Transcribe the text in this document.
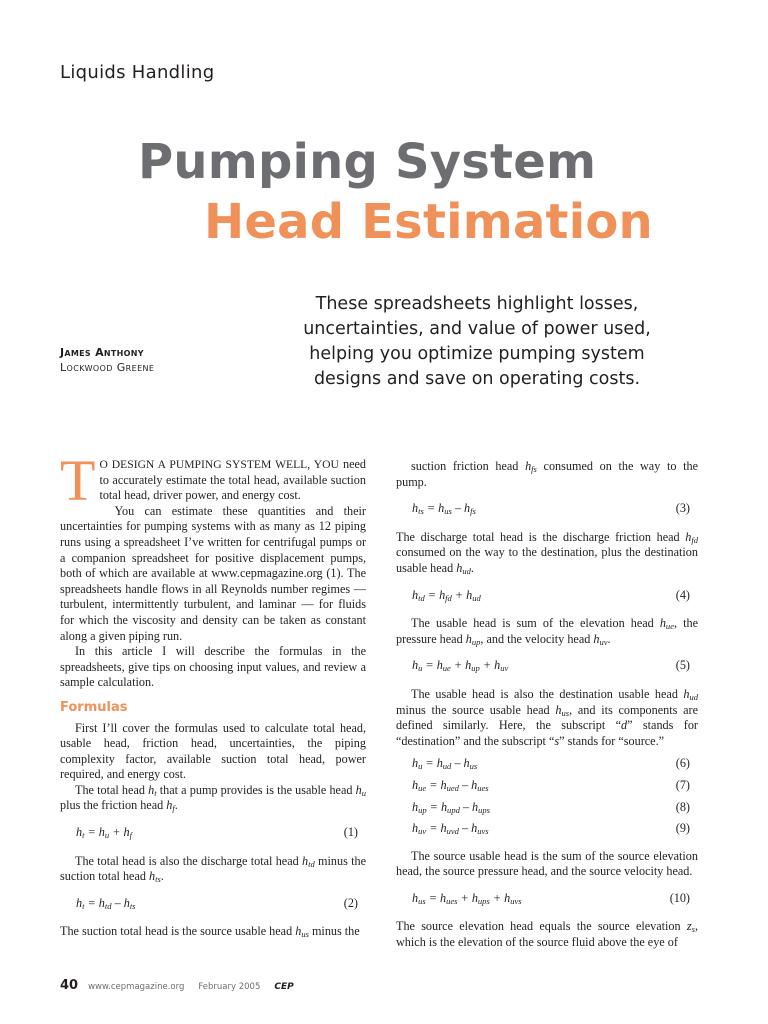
Liquids Handling
Pumping System
Head Estimation
These spreadsheets highlight losses, uncertainties, and value of power used, helping you optimize pumping system designs and save on operating costs.
James Anthony
Lockwood Greene

TO DESIGN A PUMPING SYSTEM WELL, YOU need to accurately estimate the total head, available suction total head, driver power, and energy cost.

You can estimate these quantities and their uncertainties for pumping systems with as many as 12 piping runs using a spreadsheet I’ve written for centrifugal pumps or a companion spreadsheet for positive displacement pumps, both of which are available at www.cepmagazine.org (1). The spreadsheets handle flows in all Reynolds number regimes — turbulent, intermittently turbulent, and laminar — for fluids for which the viscosity and density can be taken as constant along a given piping run.

In this article I will describe the formulas in the spreadsheets, give tips on choosing input values, and review a sample calculation.

Formulas

First I’ll cover the formulas used to calculate total head, usable head, friction head, uncertainties, the piping complexity factor, available suction total head, power required, and energy cost.

The total head $h_t$ that a pump provides is the usable head $h_u$ plus the friction head $h_f$.

$h_t = h_u + h_f$	(1)

The total head is also the discharge total head $h_{td}$ minus the suction total head $h_{ts}$.

$h_t = h_{td} - h_{ts}$	(2)

The suction total head is the source usable head $h_{us}$ minus the

suction friction head $h_{fs}$ consumed on the way to the pump.

$h_{ts} = h_{us} - h_{fs}$	(3)

The discharge total head is the discharge friction head $h_{fd}$ consumed on the way to the destination, plus the destination usable head $h_{ud}$.

$h_{td} = h_{fd} + h_{ud}$	(4)

The usable head is sum of the elevation head $h_{ue}$, the pressure head $h_{up}$, and the velocity head $h_{uv}$.

$h_u = h_{ue} + h_{up} + h_{uv}$	(5)

The usable head is also the destination usable head $h_{ud}$ minus the source usable head $h_{us}$, and its components are defined similarly. Here, the subscript “d” stands for “destination” and the subscript “s” stands for “source.”

$h_u = h_{ud} - h_{us}$	(6)
$h_{ue} = h_{ued} - h_{ues}$	(7)
$h_{up} = h_{upd} - h_{ups}$	(8)
$h_{uv} = h_{uvd} - h_{uvs}$	(9)

The source usable head is the sum of the source elevation head, the source pressure head, and the source velocity head.

$h_{us} = h_{ues} + h_{ups} + h_{uvs}$	(10)

The source elevation head equals the source elevation $z_s$, which is the elevation of the source fluid above the eye of

40 www.cepmagazine.org February 2005 CEP
